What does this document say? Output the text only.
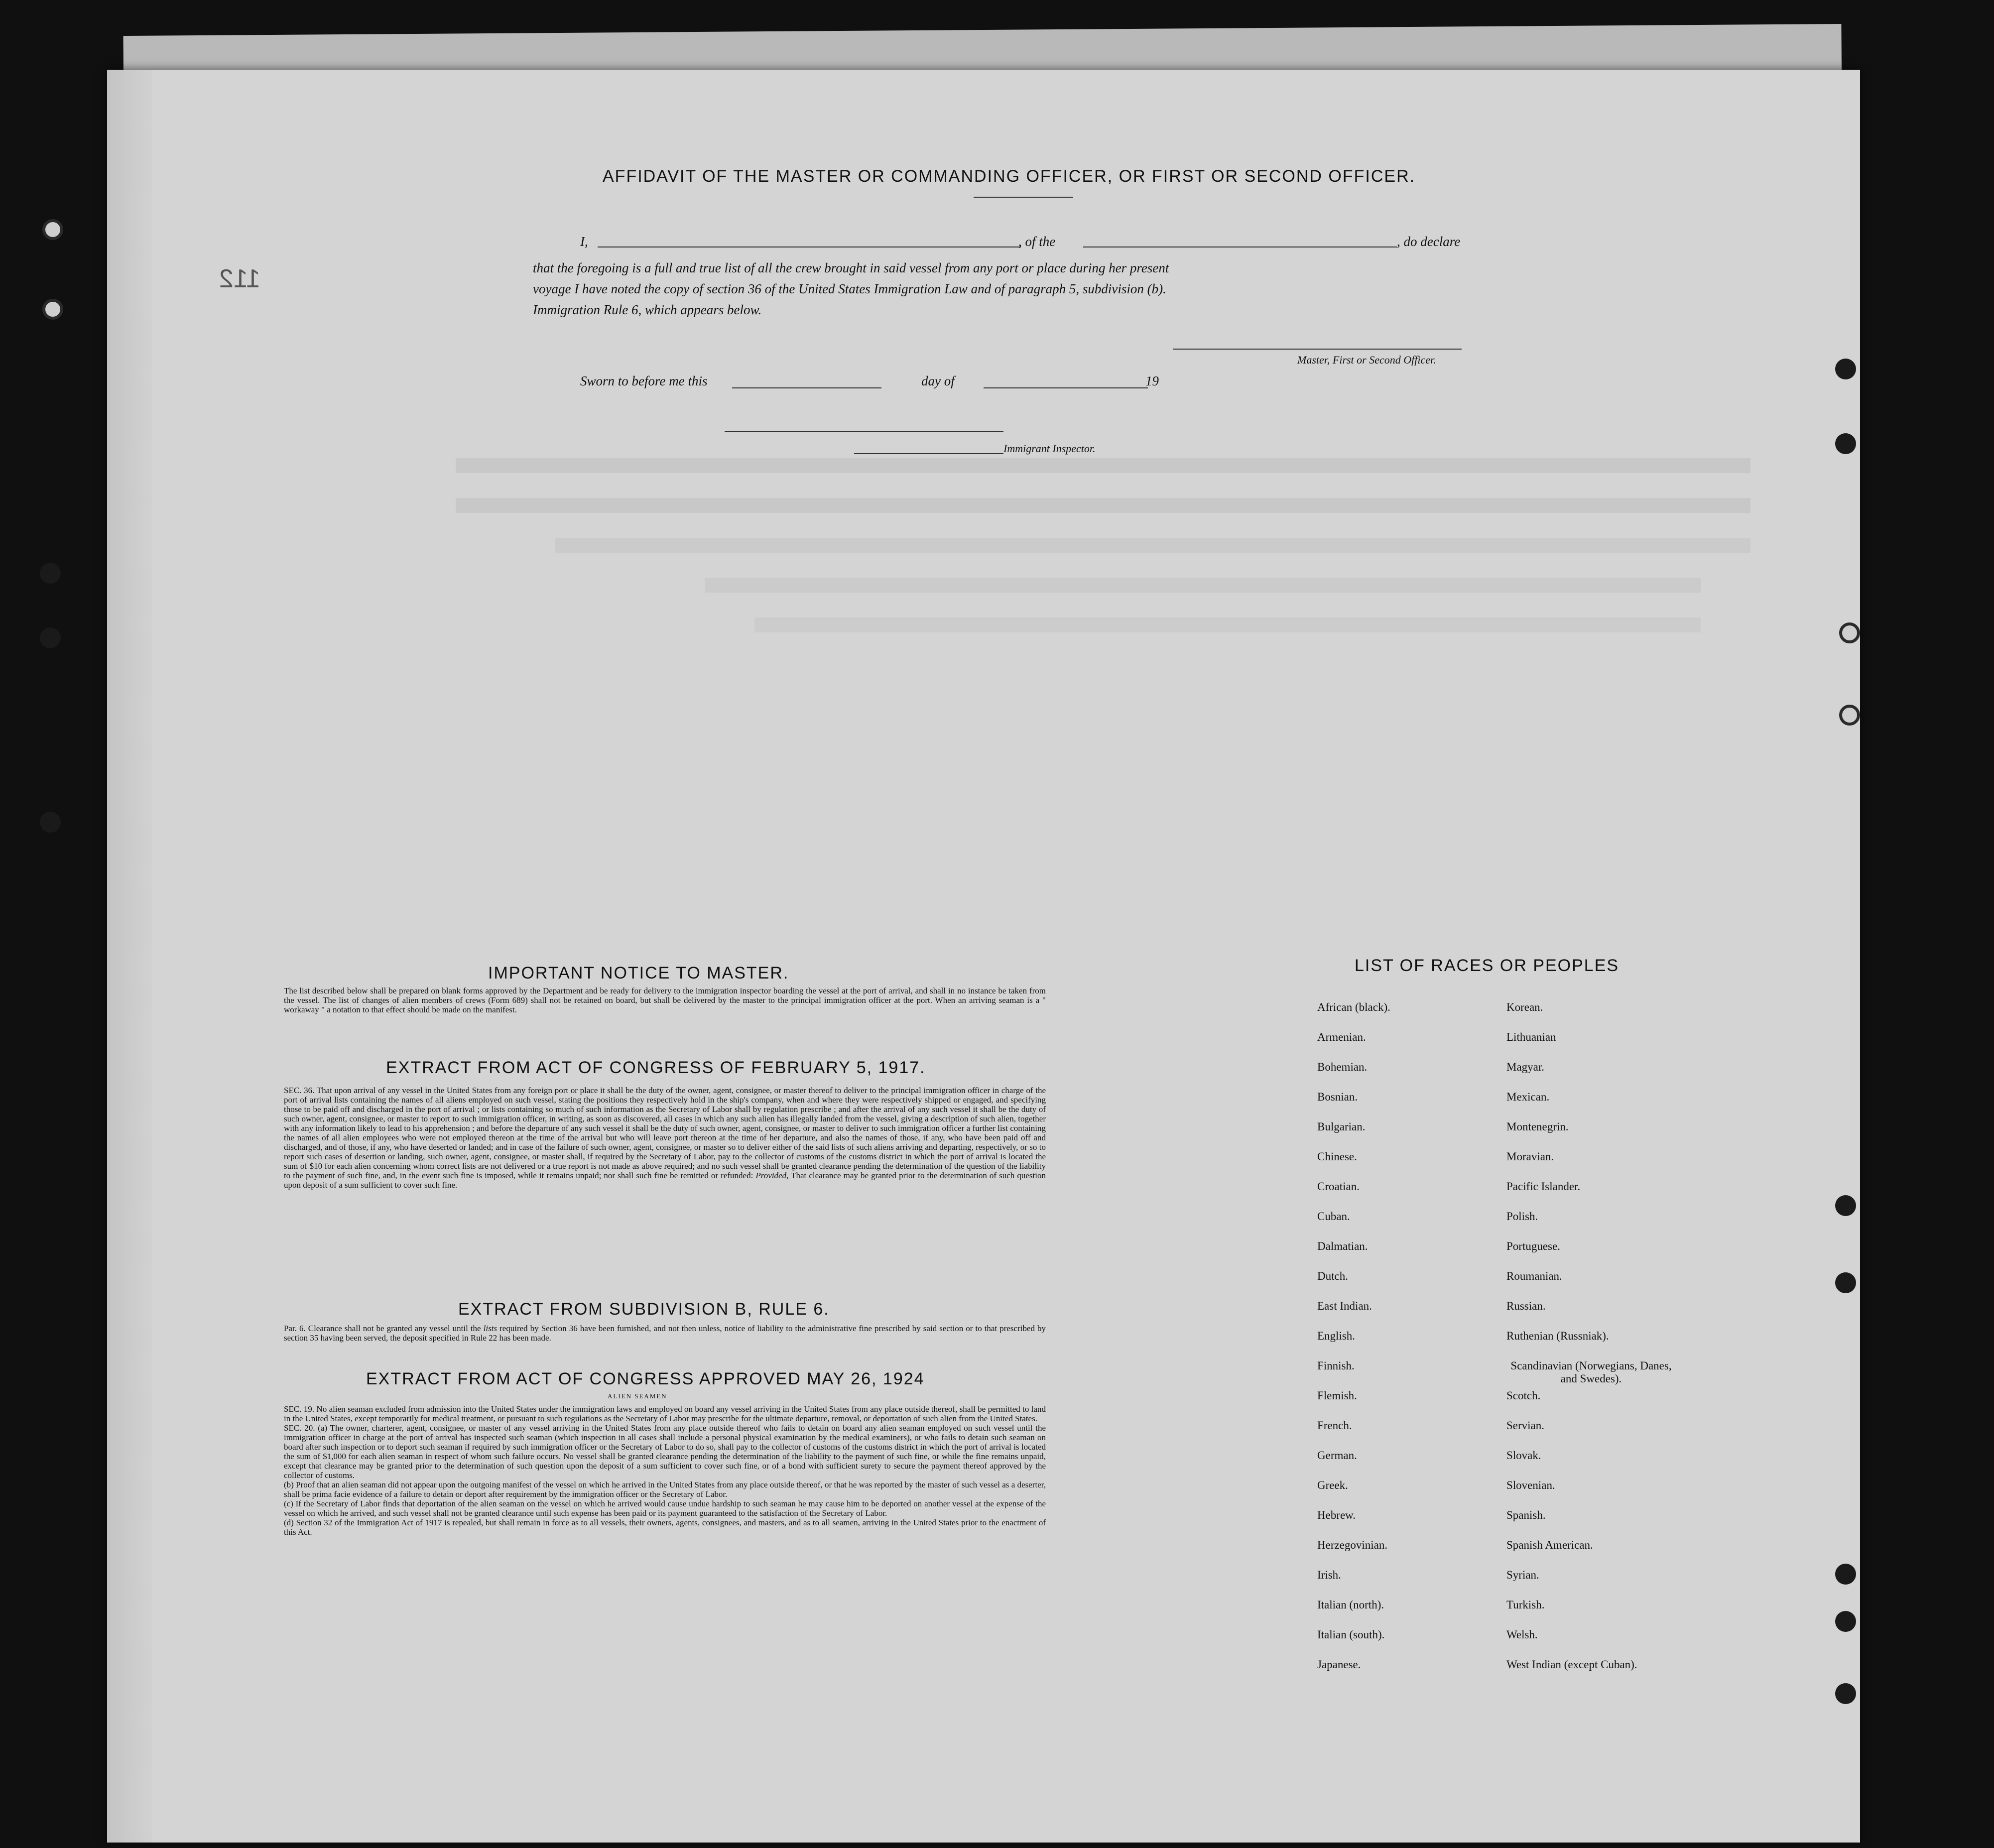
112
AFFIDAVIT OF THE MASTER OR COMMANDING OFFICER, OR FIRST OR SECOND OFFICER.
I,	, of the	, do declare
that the foregoing is a full and true list of all the crew brought in said vessel from any port or place during her present
voyage I have noted the copy of section 36 of the United States Immigration Law and of paragraph 5, subdivision (b).
Immigration Rule 6, which appears below.
Master, First or Second Officer.
Sworn to before me this	day of	19
Immigrant Inspector.
IMPORTANT NOTICE TO MASTER.
The list described below shall be prepared on blank forms approved by the Department and be ready for delivery to the immigration inspector boarding the vessel at the port of arrival, and shall in no instance be taken from the vessel. The list of changes of alien members of crews (Form 689) shall not be retained on board, but shall be delivered by the master to the principal immigration officer at the port. When an arriving seaman is a " workaway " a notation to that effect should be made on the manifest.
EXTRACT FROM ACT OF CONGRESS OF FEBRUARY 5, 1917.
SEC. 36. That upon arrival of any vessel in the United States from any foreign port or place it shall be the duty of the owner, agent, consignee, or master thereof to deliver to the principal immigration officer in charge of the port of arrival lists containing the names of all aliens employed on such vessel, stating the positions they respectively hold in the ship's company, when and where they were respectively shipped or engaged, and specifying those to be paid off and discharged in the port of arrival ; or lists containing so much of such information as the Secretary of Labor shall by regulation prescribe ; and after the arrival of any such vessel it shall be the duty of such owner, agent, consignee, or master to report to such immigration officer, in writing, as soon as discovered, all cases in which any such alien has illegally landed from the vessel, giving a description of such alien, together with any information likely to lead to his apprehension ; and before the departure of any such vessel it shall be the duty of such owner, agent, consignee, or master to deliver to such immigration officer a further list containing the names of all alien employees who were not employed thereon at the time of the arrival but who will leave port thereon at the time of her departure, and also the names of those, if any, who have been paid off and discharged, and of those, if any, who have deserted or landed; and in case of the failure of such owner, agent, consignee, or master so to deliver either of the said lists of such aliens arriving and departing, respectively, or so to report such cases of desertion or landing, such owner, agent, consignee, or master shall, if required by the Secretary of Labor, pay to the collector of customs of the customs district in which the port of arrival is located the sum of $10 for each alien concerning whom correct lists are not delivered or a true report is not made as above required; and no such vessel shall be granted clearance pending the determination of the question of the liability to the payment of such fine, and, in the event such fine is imposed, while it remains unpaid; nor shall such fine be remitted or refunded: Provided, That clearance may be granted prior to the determination of such question upon deposit of a sum sufficient to cover such fine.
EXTRACT FROM SUBDIVISION B, RULE 6.
Par. 6. Clearance shall not be granted any vessel until the lists required by Section 36 have been furnished, and not then unless, notice of liability to the administrative fine prescribed by said section or to that prescribed by section 35 having been served, the deposit specified in Rule 22 has been made.
EXTRACT FROM ACT OF CONGRESS APPROVED MAY 26, 1924
ALIEN SEAMEN
SEC. 19. No alien seaman excluded from admission into the United States under the immigration laws and employed on board any vessel arriving in the United States from any place outside thereof, shall be permitted to land in the United States, except temporarily for medical treatment, or pursuant to such regulations as the Secretary of Labor may prescribe for the ultimate departure, removal, or deportation of such alien from the United States.
SEC. 20. (a) The owner, charterer, agent, consignee, or master of any vessel arriving in the United States from any place outside thereof who fails to detain on board any alien seaman employed on such vessel until the immigration officer in charge at the port of arrival has inspected such seaman (which inspection in all cases shall include a personal physical examination by the medical examiners), or who fails to detain such seaman on board after such inspection or to deport such seaman if required by such immigration officer or the Secretary of Labor to do so, shall pay to the collector of customs of the customs district in which the port of arrival is located the sum of $1,000 for each alien seaman in respect of whom such failure occurs. No vessel shall be granted clearance pending the determination of the liability to the payment of such fine, or while the fine remains unpaid, except that clearance may be granted prior to the determination of such question upon the deposit of a sum sufficient to cover such fine, or of a bond with sufficient surety to secure the payment thereof approved by the collector of customs.
(b) Proof that an alien seaman did not appear upon the outgoing manifest of the vessel on which he arrived in the United States from any place outside thereof, or that he was reported by the master of such vessel as a deserter, shall be prima facie evidence of a failure to detain or deport after requirement by the immigration officer or the Secretary of Labor.
(c) If the Secretary of Labor finds that deportation of the alien seaman on the vessel on which he arrived would cause undue hardship to such seaman he may cause him to be deported on another vessel at the expense of the vessel on which he arrived, and such vessel shall not be granted clearance until such expense has been paid or its payment guaranteed to the satisfaction of the Secretary of Labor.
(d) Section 32 of the Immigration Act of 1917 is repealed, but shall remain in force as to all vessels, their owners, agents, consignees, and masters, and as to all seamen, arriving in the United States prior to the enactment of this Act.
LIST OF RACES OR PEOPLES
African (black).
Armenian.
Bohemian.
Bosnian.
Bulgarian.
Chinese.
Croatian.
Cuban.
Dalmatian.
Dutch.
East Indian.
English.
Finnish.
Flemish.
French.
German.
Greek.
Hebrew.
Herzegovinian.
Irish.
Italian (north).
Italian (south).
Japanese.
Korean.
Lithuanian
Magyar.
Mexican.
Montenegrin.
Moravian.
Pacific Islander.
Polish.
Portuguese.
Roumanian.
Russian.
Ruthenian (Russniak).
Scandinavian (Norwegians, Danes, and Swedes).
Scotch.
Servian.
Slovak.
Slovenian.
Spanish.
Spanish American.
Syrian.
Turkish.
Welsh.
West Indian (except Cuban).
